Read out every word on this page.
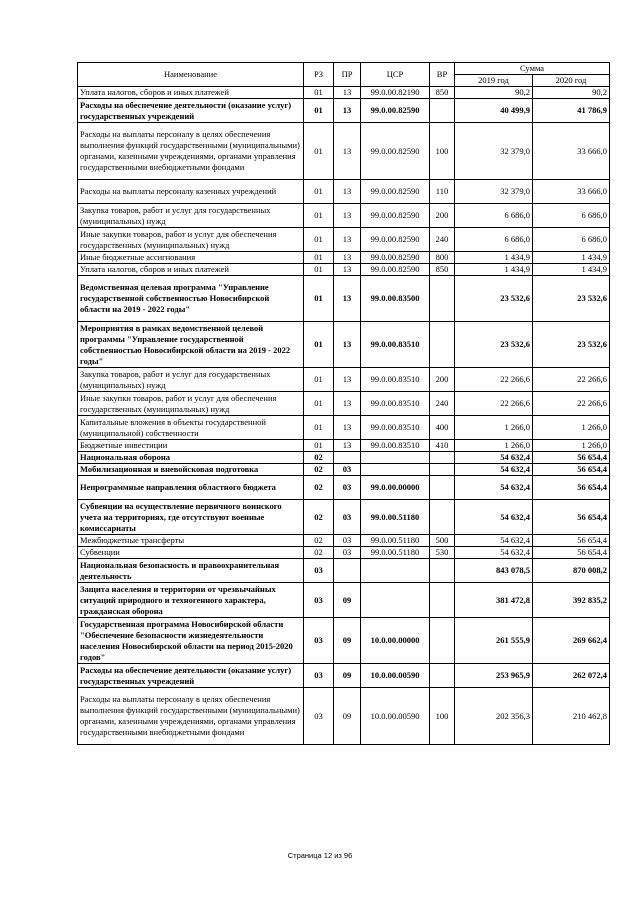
Наименование	РЗ	ПР	ЦСР	ВР	Сумма	
					2019 год	2020 год
Уплата налогов, сборов и иных платежей	01	13	99.0.00.82190	850	90,2	90,2
Расходы на обеспечение деятельности (оказание услуг) государственных учреждений	01	13	99.0.00.82590		40 499,9	41 786,9
Расходы на выплаты персоналу в целях обеспечения выполнения функций государственными (муниципальными) органами, казенными учреждениями, органами управления государственными внебюджетными фондами	01	13	99.0.00.82590	100	32 379,0	33 666,0
Расходы на выплаты персоналу казенных учреждений	01	13	99.0.00.82590	110	32 379,0	33 666,0
Закупка товаров, работ и услуг для государственных (муниципальных) нужд	01	13	99.0.00.82590	200	6 686,0	6 686,0
Иные закупки товаров, работ и услуг для обеспечения государственных (муниципальных) нужд	01	13	99.0.00.82590	240	6 686,0	6 686,0
Иные бюджетные ассигнования	01	13	99.0.00.82590	800	1 434,9	1 434,9
Уплата налогов, сборов и иных платежей	01	13	99.0.00.82590	850	1 434,9	1 434,9
Ведомственная целевая программа "Управление государственной собственностью Новосибирской области на 2019 - 2022 годы"	01	13	99.0.00.83500		23 532,6	23 532,6
Мероприятия в рамках ведомственной целевой программы "Управление государственной собственностью Новосибирской области на 2019 - 2022 годы"	01	13	99.0.00.83510		23 532,6	23 532,6
Закупка товаров, работ и услуг для государственных (муниципальных) нужд	01	13	99.0.00.83510	200	22 266,6	22 266,6
Иные закупки товаров, работ и услуг для обеспечения государственных (муниципальных) нужд	01	13	99.0.00.83510	240	22 266,6	22 266,6
Капитальные вложения в объекты государственной (муниципальной) собственности	01	13	99.0.00.83510	400	1 266,0	1 266,0
Бюджетные инвестиции	01	13	99.0.00.83510	410	1 266,0	1 266,0
Национальная оборона	02				54 632,4	56 654,4
Мобилизационная и вневойсковая подготовка	02	03			54 632,4	56 654,4
Непрограммные направления областного бюджета	02	03	99.0.00.00000		54 632,4	56 654,4
Субвенции на осуществление первичного воинского учета на территориях, где отсутствуют военные комиссариаты	02	03	99.0.00.51180		54 632,4	56 654,4
Межбюджетные трансферты	02	03	99.0.00.51180	500	54 632,4	56 654,4
Субвенции	02	03	99.0.00.51180	530	54 632,4	56 654,4
Национальная безопасность и правоохранительная деятельность	03				843 078,5	870 008,2
Защита населения и территории от чрезвычайных ситуаций природного и техногенного характера, гражданская оборона	03	09			381 472,8	392 835,2
Государственная программа Новосибирской области "Обеспечение безопасности жизнедеятельности населения Новосибирской области на период 2015-2020 годов"	03	09	10.0.00.00000		261 555,9	269 662,4
Расходы на обеспечение деятельности (оказание услуг) государственных учреждений	03	09	10.0.00.00590		253 965,9	262 072,4
Расходы на выплаты персоналу в целях обеспечения выполнения функций государственными (муниципальными) органами, казенными учреждениями, органами управления государственными внебюджетными фондами	03	09	10.0.00.00590	100	202 356,3	210 462,8
Страница 12 из 96
